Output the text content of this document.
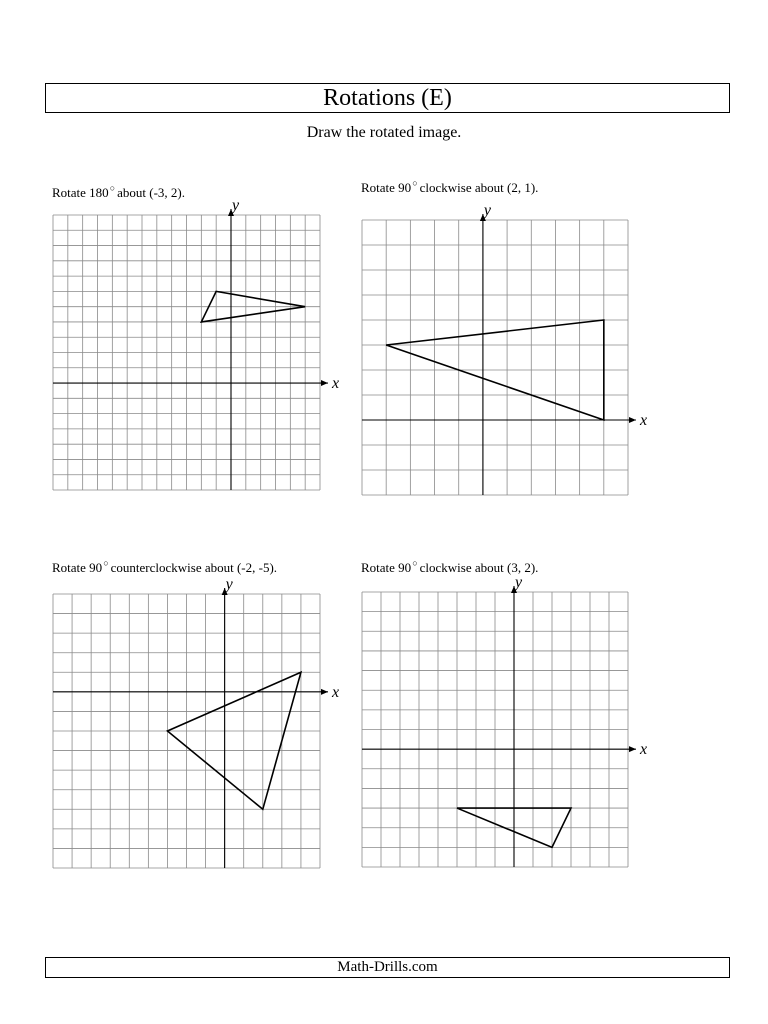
Rotations (E)
Draw the rotated image.
Rotate 180○ about (-3, 2).	Rotate 90○ clockwise about (2, 1).
Rotate 90○ counterclockwise about (-2, -5).	Rotate 90○ clockwise about (3, 2).
x
y
x
y
x
y
x
y
Math-Drills.com
